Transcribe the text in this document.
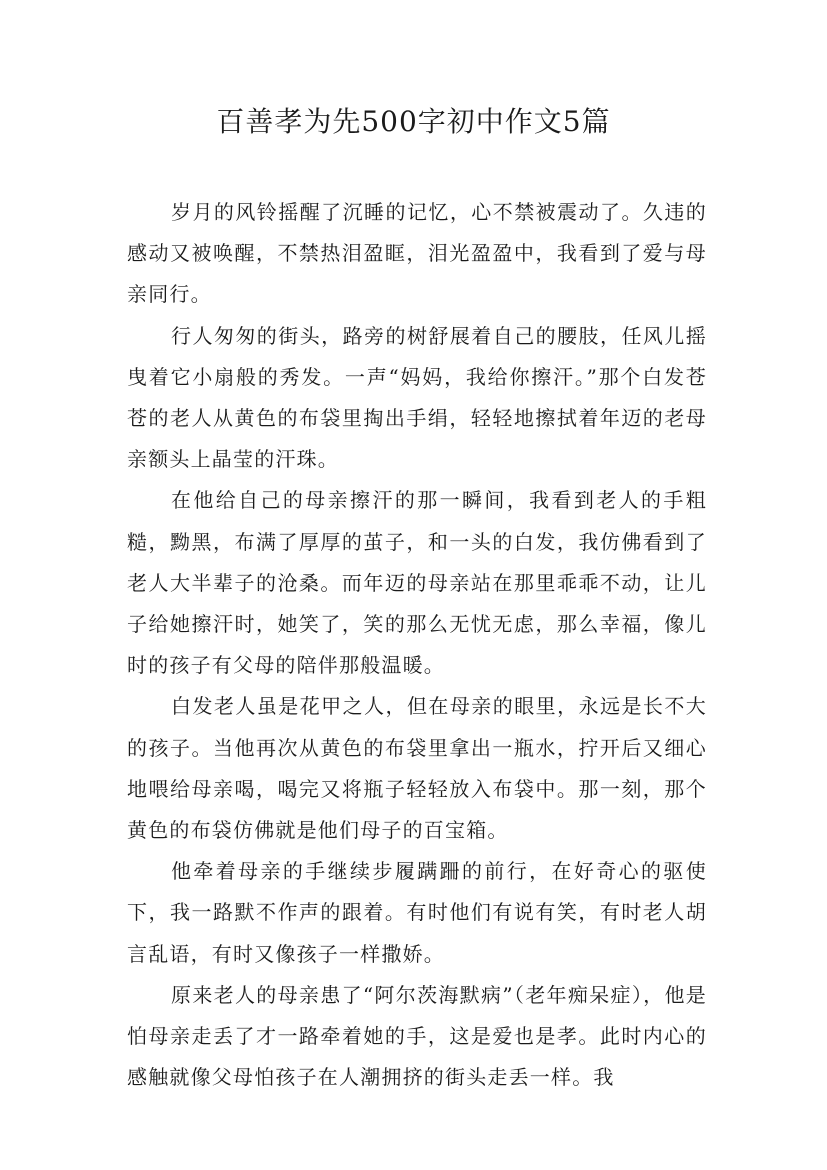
百善孝为先500字初中作文5篇

岁月的风铃摇醒了沉睡的记忆，心不禁被震动了。久违的感动又被唤醒，不禁热泪盈眶，泪光盈盈中，我看到了爱与母亲同行。

行人匆匆的街头，路旁的树舒展着自己的腰肢，任风儿摇曳着它小扇般的秀发。一声“妈妈，我给你擦汗。”那个白发苍苍的老人从黄色的布袋里掏出手绢，轻轻地擦拭着年迈的老母亲额头上晶莹的汗珠。

在他给自己的母亲擦汗的那一瞬间，我看到老人的手粗糙，黝黑，布满了厚厚的茧子，和一头的白发，我仿佛看到了老人大半辈子的沧桑。而年迈的母亲站在那里乖乖不动，让儿子给她擦汗时，她笑了，笑的那么无忧无虑，那么幸福，像儿时的孩子有父母的陪伴那般温暖。

白发老人虽是花甲之人，但在母亲的眼里，永远是长不大的孩子。当他再次从黄色的布袋里拿出一瓶水，拧开后又细心地喂给母亲喝，喝完又将瓶子轻轻放入布袋中。那一刻，那个黄色的布袋仿佛就是他们母子的百宝箱。

他牵着母亲的手继续步履蹒跚的前行，在好奇心的驱使下，我一路默不作声的跟着。有时他们有说有笑，有时老人胡言乱语，有时又像孩子一样撒娇。

原来老人的母亲患了“阿尔茨海默病”（老年痴呆症），他是怕母亲走丢了才一路牵着她的手，这是爱也是孝。此时内心的感触就像父母怕孩子在人潮拥挤的街头走丢一样。我
